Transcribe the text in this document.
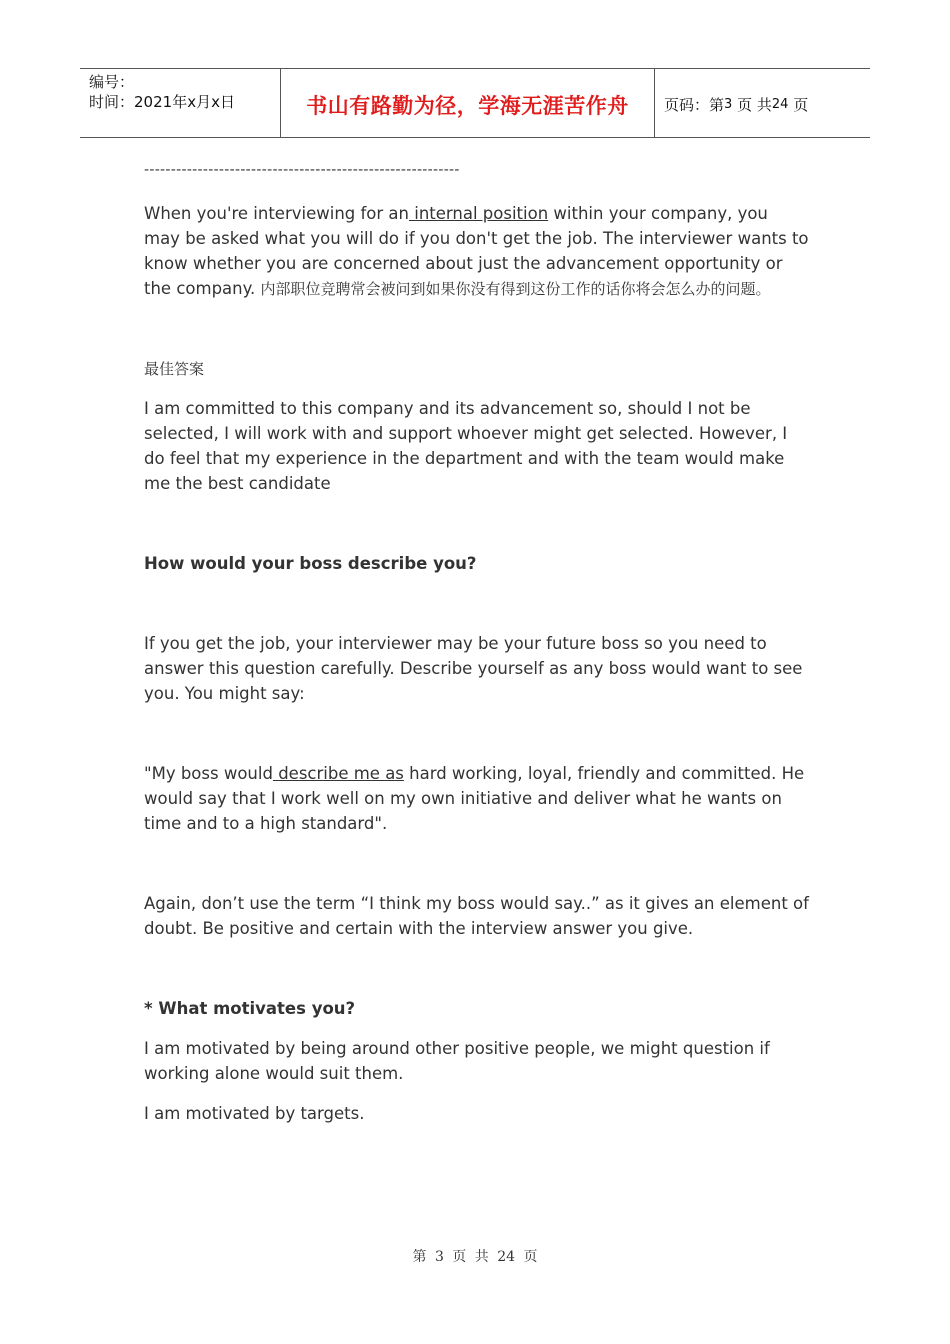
编号：
时间：2021年x月x日	书山有路勤为径，学海无涯苦作舟	页码：第 3
页 共 24
页

-----------------------------------------------------------

When you're interviewing for an internal position within your company, you may be asked what you will do if you don't get the job. The interviewer wants to know whether you are concerned about just the advancement opportunity or the company. 内部职位竞聘常会被问到如果你没有得到这份工作的话你将会怎么办的问题。

最佳答案

I am committed to this company and its advancement so, should I not be selected, I will work with and support whoever might get selected. However, I do feel that my experience in the department and with the team would make me the best candidate

How would your boss describe you?

If you get the job, your interviewer may be your future boss so you need to answer this question carefully. Describe yourself as any boss would want to see you. You might say:

"My boss would describe me as hard working, loyal, friendly and committed. He would say that I work well on my own initiative and deliver what he wants on time and to a high standard".

Again, don’t use the term “I think my boss would say..” as it gives an element of doubt. Be positive and certain with the interview answer you give.

* What motivates you?

I am motivated by being around other positive people, we might question if working alone would suit them.

I am motivated by targets.

第 3 页 共 24 页
